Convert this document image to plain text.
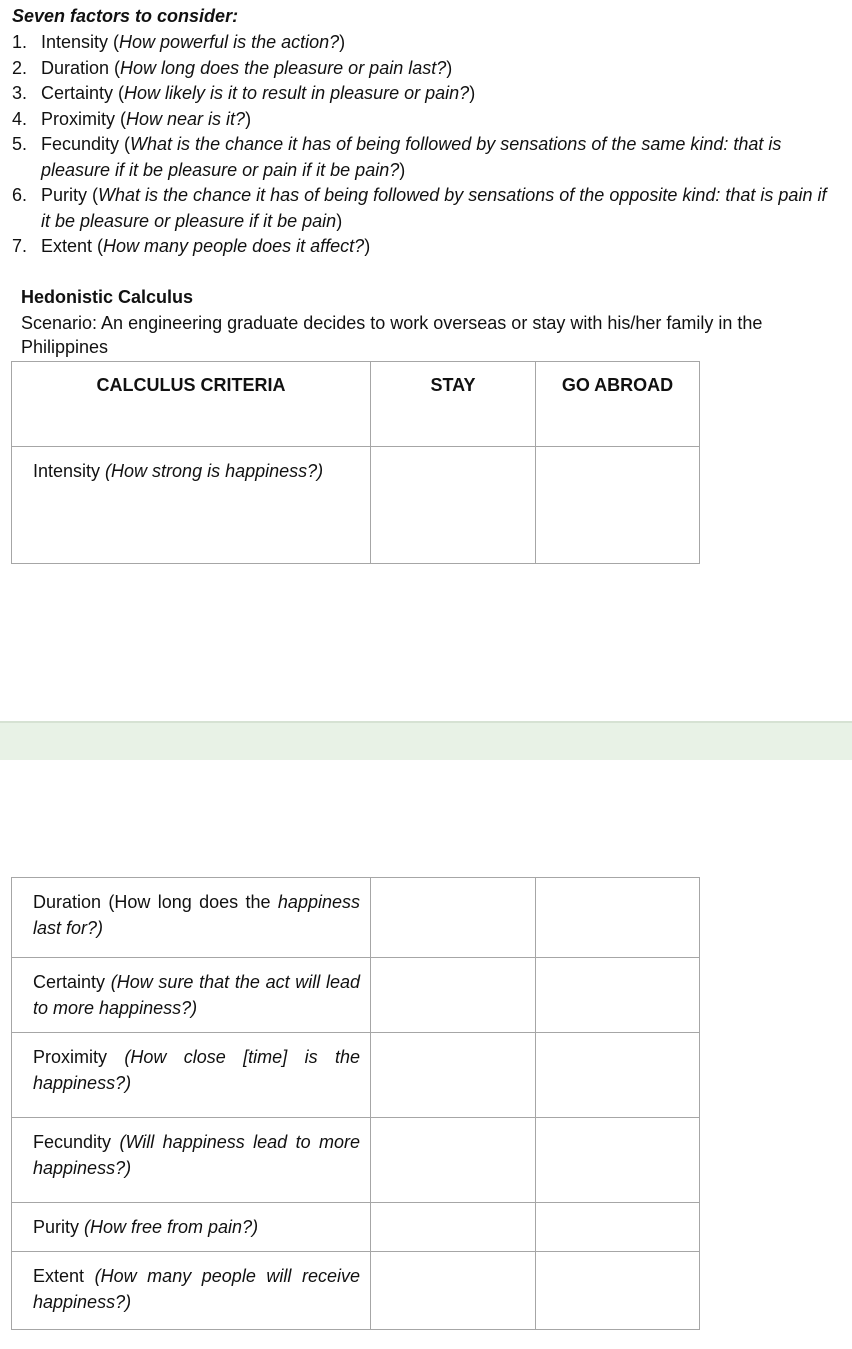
Seven factors to consider:
1. Intensity (How powerful is the action?)
2. Duration (How long does the pleasure or pain last?)
3. Certainty (How likely is it to result in pleasure or pain?)
4. Proximity (How near is it?)
5. Fecundity (What is the chance it has of being followed by sensations of the same kind: that is pleasure if it be pleasure or pain if it be pain?)
6. Purity (What is the chance it has of being followed by sensations of the opposite kind: that is pain if it be pleasure or pleasure if it be pain)
7. Extent (How many people does it affect?)
Hedonistic Calculus
Scenario: An engineering graduate decides to work overseas or stay with his/her family in the Philippines
CALCULUS CRITERIA	STAY	GO ABROAD
Intensity (How strong is happiness?)		
Duration (How long does the happiness last for?)		
Certainty (How sure that the act will lead to more happiness?)		
Proximity (How close [time] is the happiness?)		
Fecundity (Will happiness lead to more happiness?)		
Purity (How free from pain?)		
Extent (How many people will receive happiness?)		
